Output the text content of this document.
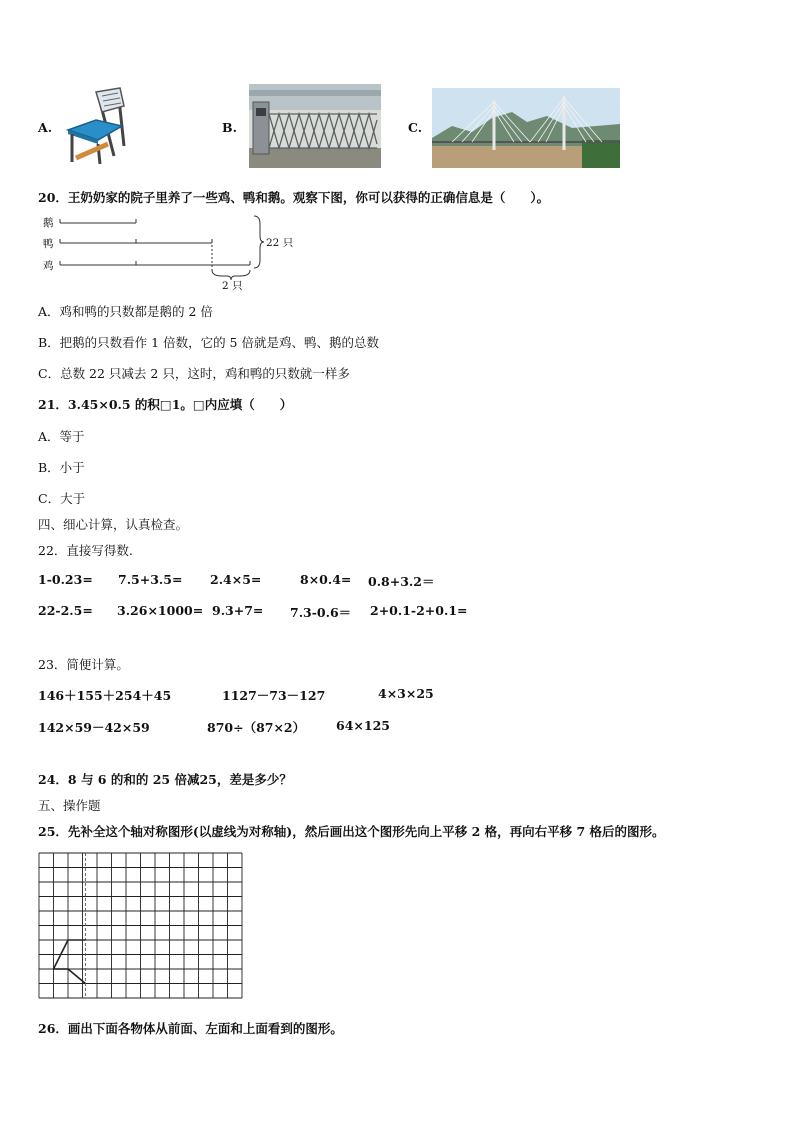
A.	B.	C.
20．王奶奶家的院子里养了一些鸡、鸭和鹅。观察下图，你可以获得的正确信息是（　　）。
鹅
鸭
鸡
22 只
2 只
A．鸡和鸭的只数都是鹅的 2 倍
B．把鹅的只数看作 1 倍数，它的 5 倍就是鸡、鸭、鹅的总数
C．总数 22 只减去 2 只，这时，鸡和鸭的只数就一样多
21．3.45×0.5 的积□1。□内应填（　　）
A．等于
B．小于
C．大于
四、细心计算，认真检查。
22．直接写得数.
1-0.23= 7.5+3.5= 2.4×5=	8×0.4= 0.8+3.2＝
22-2.5= 3.26×1000= 9.3+7= 7.3-0.6＝ 2+0.1-2+0.1=
23．简便计算。
146＋155＋254＋45	1127－73－127	4×3×25
142×59－42×59	870÷（87×2） 64×125
24．8 与 6 的和的 25 倍减25，差是多少？
五、操作题
25．先补全这个轴对称图形(以虚线为对称轴)，然后画出这个图形先向上平移 2 格，再向右平移 7 格后的图形。
26．画出下面各物体从前面、左面和上面看到的图形。
